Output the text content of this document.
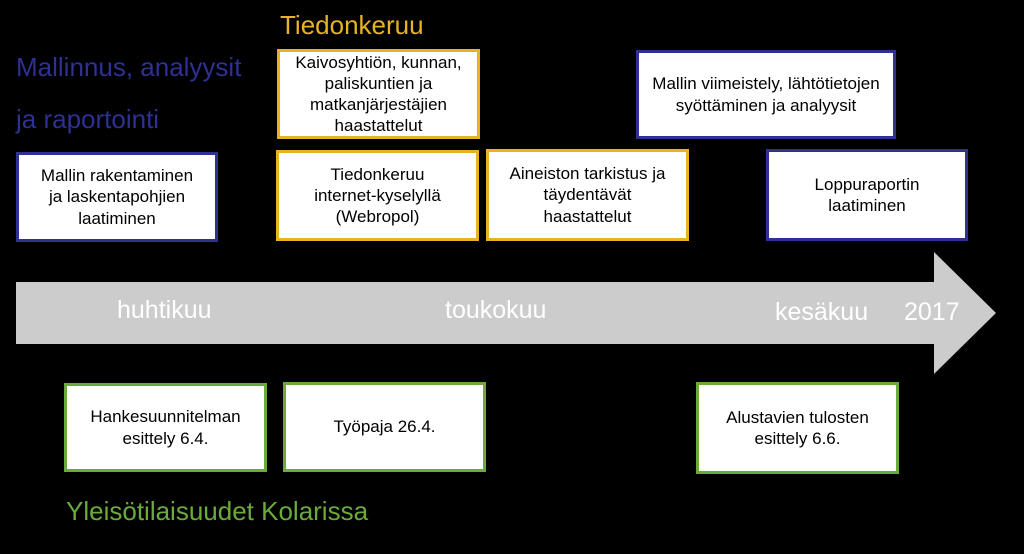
Mallinnus, analyysit
ja raportointi
Tiedonkeruu
Yleisötilaisuudet Kolarissa
Mallin rakentaminen
ja laskentapohjien
laatiminen
Mallin viimeistely, lähtötietojen
syöttäminen ja analyysit
Loppuraportin
laatiminen
Kaivosyhtiön, kunnan,
paliskuntien ja
matkanjärjestäjien
haastattelut
Tiedonkeruu
internet-kyselyllä
(Webropol)
Aineiston tarkistus ja
täydentävät
haastattelut
huhtikuu	toukokuu	kesäkuu 2017
Hankesuunnitelman
esittely 6.4.
Työpaja 26.4.
Alustavien tulosten
esittely 6.6.
